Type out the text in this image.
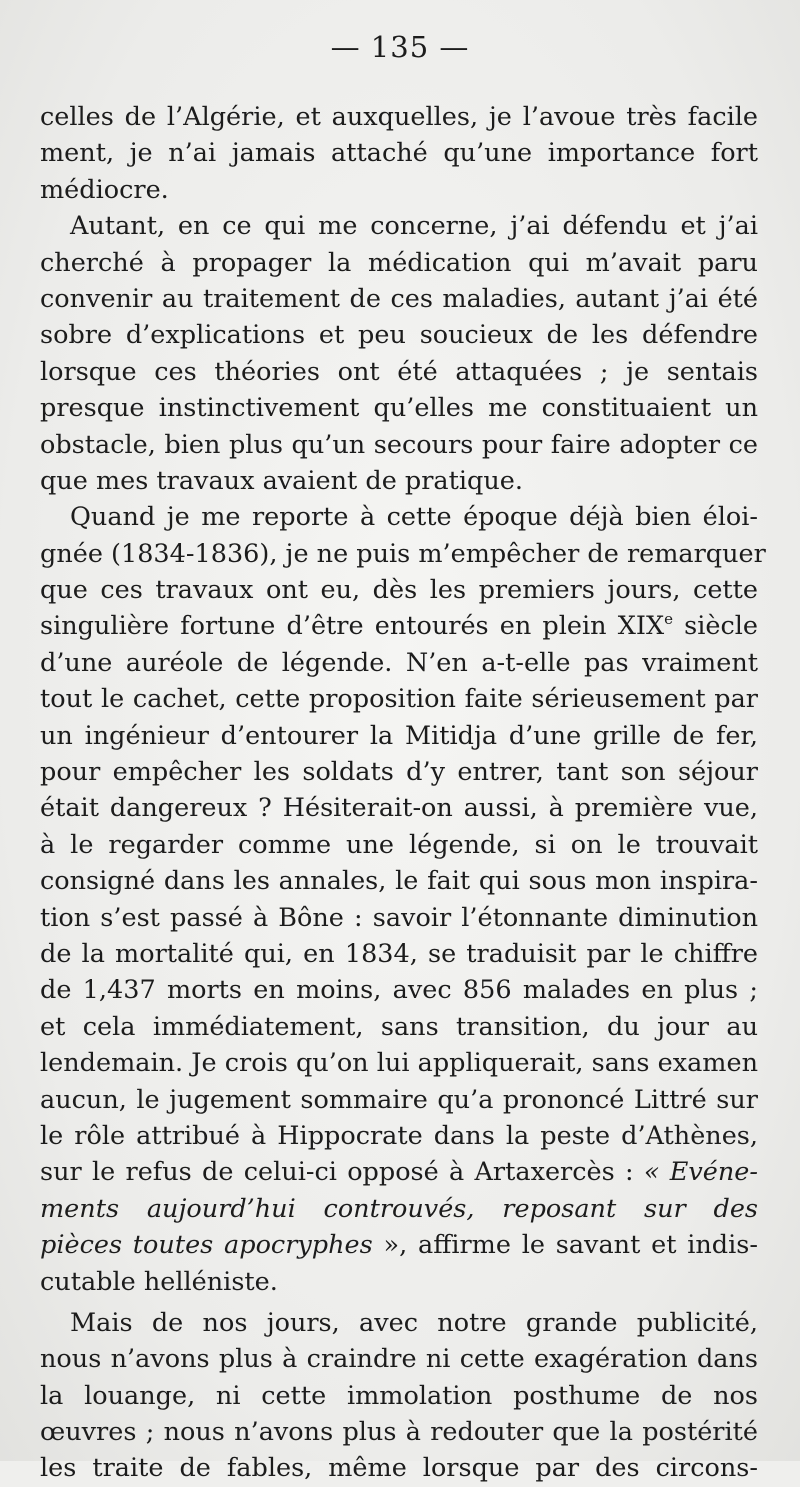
— 135 —
celles de l’Algérie, et auxquelles, je l’avoue très facile
ment, je n’ai jamais attaché qu’une importance fort
médiocre.
Autant, en ce qui me concerne, j’ai défendu et j’ai
cherché à propager la médication qui m’avait paru
convenir au traitement de ces maladies, autant j’ai été
sobre d’explications et peu soucieux de les défendre
lorsque ces théories ont été attaquées ; je sentais
presque instinctivement qu’elles me constituaient un
obstacle, bien plus qu’un secours pour faire adopter ce
que mes travaux avaient de pratique.
Quand je me reporte à cette époque déjà bien éloi-
gnée (1834-1836), je ne puis m’empêcher de remarquer
que ces travaux ont eu, dès les premiers jours, cette
singulière fortune d’être entourés en plein XIXe siècle
d’une auréole de légende. N’en a-t-elle pas vraiment
tout le cachet, cette proposition faite sérieusement par
un ingénieur d’entourer la Mitidja d’une grille de fer,
pour empêcher les soldats d’y entrer, tant son séjour
était dangereux ? Hésiterait-on aussi, à première vue,
à le regarder comme une légende, si on le trouvait
consigné dans les annales, le fait qui sous mon inspira-
tion s’est passé à Bône : savoir l’étonnante diminution
de la mortalité qui, en 1834, se traduisit par le chiffre
de 1,437 morts en moins, avec 856 malades en plus ;
et cela immédiatement, sans transition, du jour au
lendemain. Je crois qu’on lui appliquerait, sans examen
aucun, le jugement sommaire qu’a prononcé Littré sur
le rôle attribué à Hippocrate dans la peste d’Athènes,
sur le refus de celui-ci opposé à Artaxercès : « Evéne-
ments aujourd’hui controuvés, reposant sur des
pièces toutes apocryphes », affirme le savant et indis-
cutable helléniste.
Mais de nos jours, avec notre grande publicité,
nous n’avons plus à craindre ni cette exagération dans
la louange, ni cette immolation posthume de nos
œuvres ; nous n’avons plus à redouter que la postérité
les traite de fables, même lorsque par des circons-
